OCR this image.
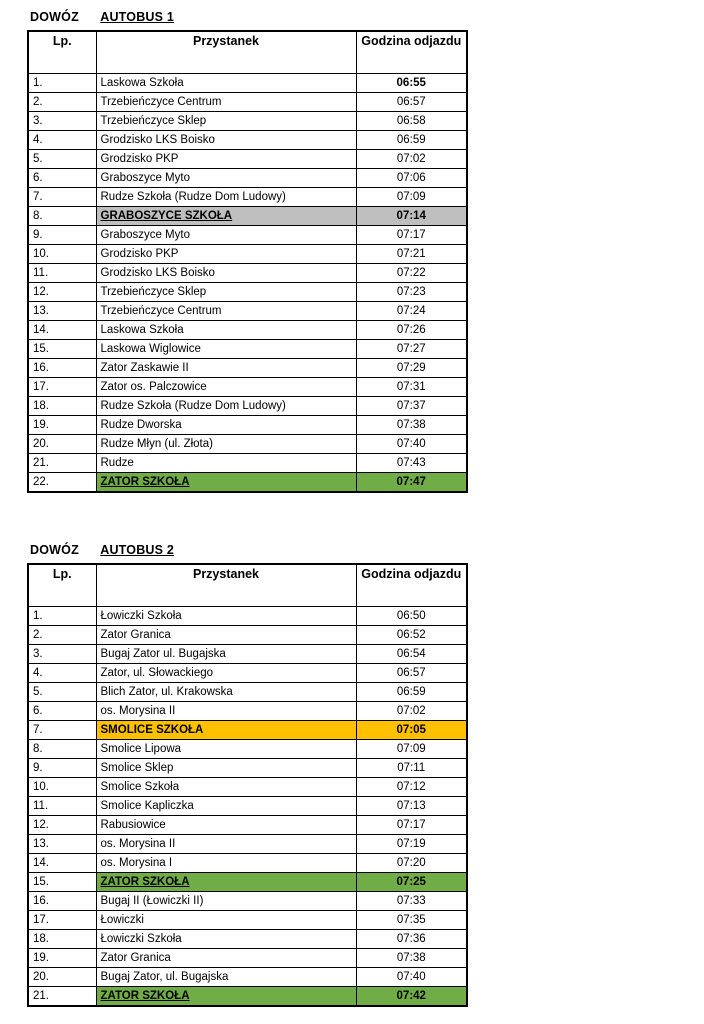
DOWÓZ AUTOBUS 1
Lp.	Przystanek	Godzina odjazdu
1.	Laskowa Szkoła	06:55
2.	Trzebieńczyce Centrum	06:57
3.	Trzebieńczyce Sklep	06:58
4.	Grodzisko LKS Boisko	06:59
5.	Grodzisko PKP	07:02
6.	Graboszyce Myto	07:06
7.	Rudze Szkoła (Rudze Dom Ludowy)	07:09
8.	GRABOSZYCE SZKOŁA	07:14
9.	Graboszyce Myto	07:17
10.	Grodzisko PKP	07:21
11.	Grodzisko LKS Boisko	07:22
12.	Trzebieńczyce Sklep	07:23
13.	Trzebieńczyce Centrum	07:24
14.	Laskowa Szkoła	07:26
15.	Laskowa Wiglowice	07:27
16.	Zator Zaskawie II	07:29
17.	Zator os. Palczowice	07:31
18.	Rudze Szkoła (Rudze Dom Ludowy)	07:37
19.	Rudze Dworska	07:38
20.	Rudze Młyn (ul. Złota)	07:40
21.	Rudze	07:43
22.	ZATOR SZKOŁA	07:47
DOWÓZ AUTOBUS 2
Lp.	Przystanek	Godzina odjazdu
1.	Łowiczki Szkoła	06:50
2.	Zator Granica	06:52
3.	Bugaj Zator ul. Bugajska	06:54
4.	Zator, ul. Słowackiego	06:57
5.	Blich Zator, ul. Krakowska	06:59
6.	os. Morysina II	07:02
7.	SMOLICE SZKOŁA	07:05
8.	Smolice Lipowa	07:09
9.	Smolice Sklep	07:11
10.	Smolice Szkoła	07:12
11.	Smolice Kapliczka	07:13
12.	Rabusiowice	07:17
13.	os. Morysina II	07:19
14.	os. Morysina I	07:20
15.	ZATOR SZKOŁA	07:25
16.	Bugaj II (Łowiczki II)	07:33
17.	Łowiczki	07:35
18.	Łowiczki Szkoła	07:36
19.	Zator Granica	07:38
20.	Bugaj Zator, ul. Bugajska	07:40
21.	ZATOR SZKOŁA	07:42
